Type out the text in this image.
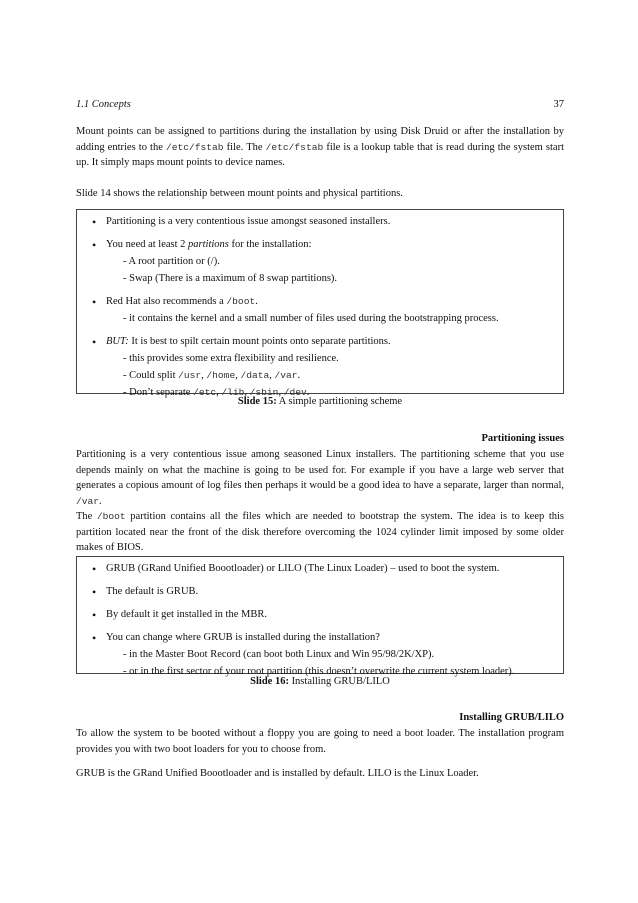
1.1 Concepts	37

Mount points can be assigned to partitions during the installation by using Disk Druid or after the installation by adding entries to the /etc/fstab file. The /etc/fstab file is a lookup table that is read during the system start up. It simply maps mount points to device names.

Slide 14 shows the relationship between mount points and physical partitions.

• Partitioning is a very contentious issue amongst seasoned installers.
• You need at least 2 partitions for the installation:
- A root partition or (/).
- Swap (There is a maximum of 8 swap partitions).
• Red Hat also recommends a /boot.
- it contains the kernel and a small number of files used during the bootstrapping process.
• BUT: It is best to spilt certain mount points onto separate partitions.
- this provides some extra flexibility and resilience.
- Could split /usr, /home, /data, /var.
- Don’t separate /etc, /lib, /sbin, /dev.
Slide 15: A simple partitioning scheme
Partitioning issues

Partitioning is a very contentious issue among seasoned Linux installers. The partitioning scheme that you use depends mainly on what the machine is going to be used for. For example if you have a large web server that generates a copious amount of log files then perhaps it would be a good idea to have a separate, larger than normal, /var.

The /boot partition contains all the files which are needed to bootstrap the system. The idea is to keep this partition located near the front of the disk therefore overcoming the 1024 cylinder limit imposed by some older makes of BIOS.

• GRUB (GRand Unified Boootloader) or LILO (The Linux Loader) – used to boot the system.
• The default is GRUB.
• By default it get installed in the MBR.
• You can change where GRUB is installed during the installation?
- in the Master Boot Record (can boot both Linux and Win 95/98/2K/XP).
- or in the first sector of your root partition (this doesn’t overwrite the current system loader).
Slide 16: Installing GRUB/LILO
Installing GRUB/LILO

To allow the system to be booted without a floppy you are going to need a boot loader. The installation program provides you with two boot loaders for you to choose from.

GRUB is the GRand Unified Boootloader and is installed by default. LILO is the Linux Loader.
